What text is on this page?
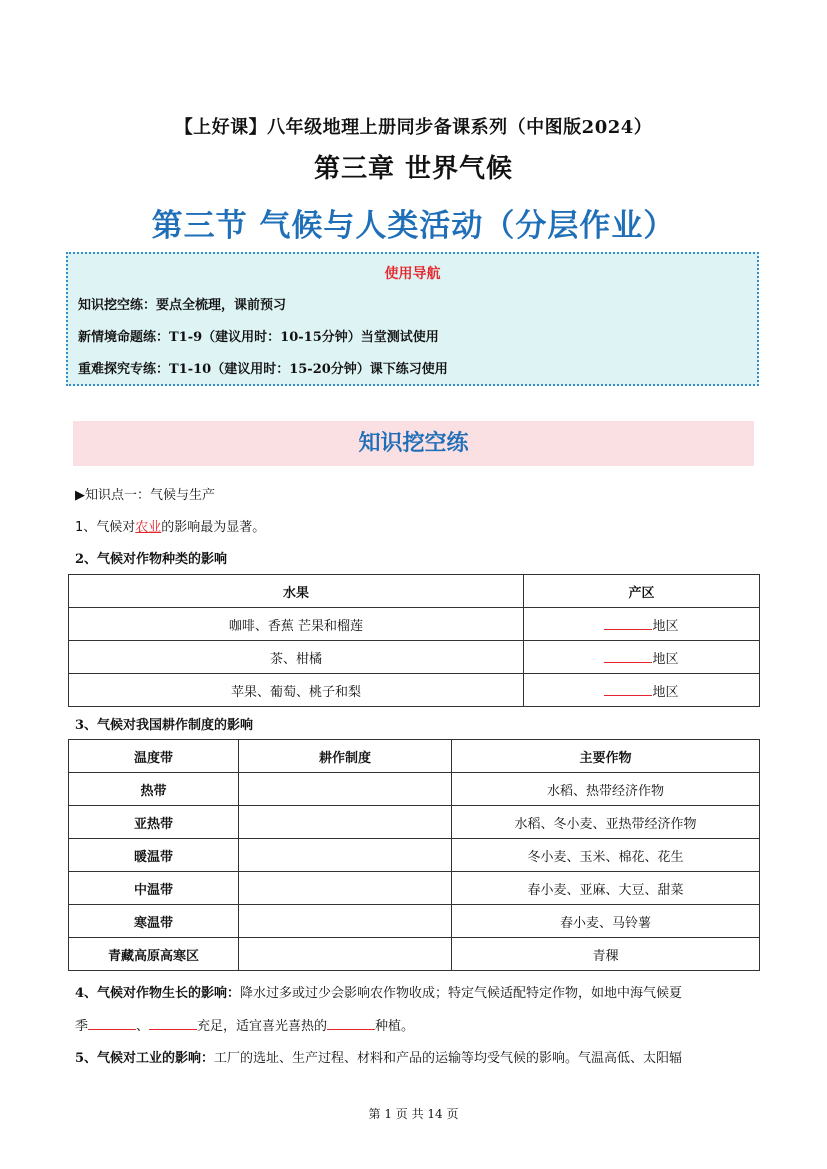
【上好课】八年级地理上册同步备课系列（中图版2024）
第三章 世界气候
第三节 气候与人类活动（分层作业）
使用导航
知识挖空练：要点全梳理，课前预习
新情境命题练：T1-9（建议用时：10-15分钟）当堂测试使用
重难探究专练：T1-10（建议用时：15-20分钟）课下练习使用
知识挖空练
▶知识点一：气候与生产
1、气候对农业的影响最为显著。
2、气候对作物种类的影响
水果	产区
咖啡、香蕉 芒果和榴莲	地区
茶、柑橘	地区
苹果、葡萄、桃子和梨	地区
3、气候对我国耕作制度的影响
温度带	耕作制度	主要作物
热带		水稻、热带经济作物
亚热带		水稻、冬小麦、亚热带经济作物
暖温带		冬小麦、玉米、棉花、花生
中温带		春小麦、亚麻、大豆、甜菜
寒温带		春小麦、马铃薯
青藏高原高寒区		青稞
4、气候对作物生长的影响：降水过多或过少会影响农作物收成；特定气候适配特定作物，如地中海气候夏
季	、	充足，适宜喜光喜热的	种植。
5、气候对工业的影响：工厂的选址、生产过程、材料和产品的运输等均受气候的影响。气温高低、太阳辐
第 1 页 共 14 页
